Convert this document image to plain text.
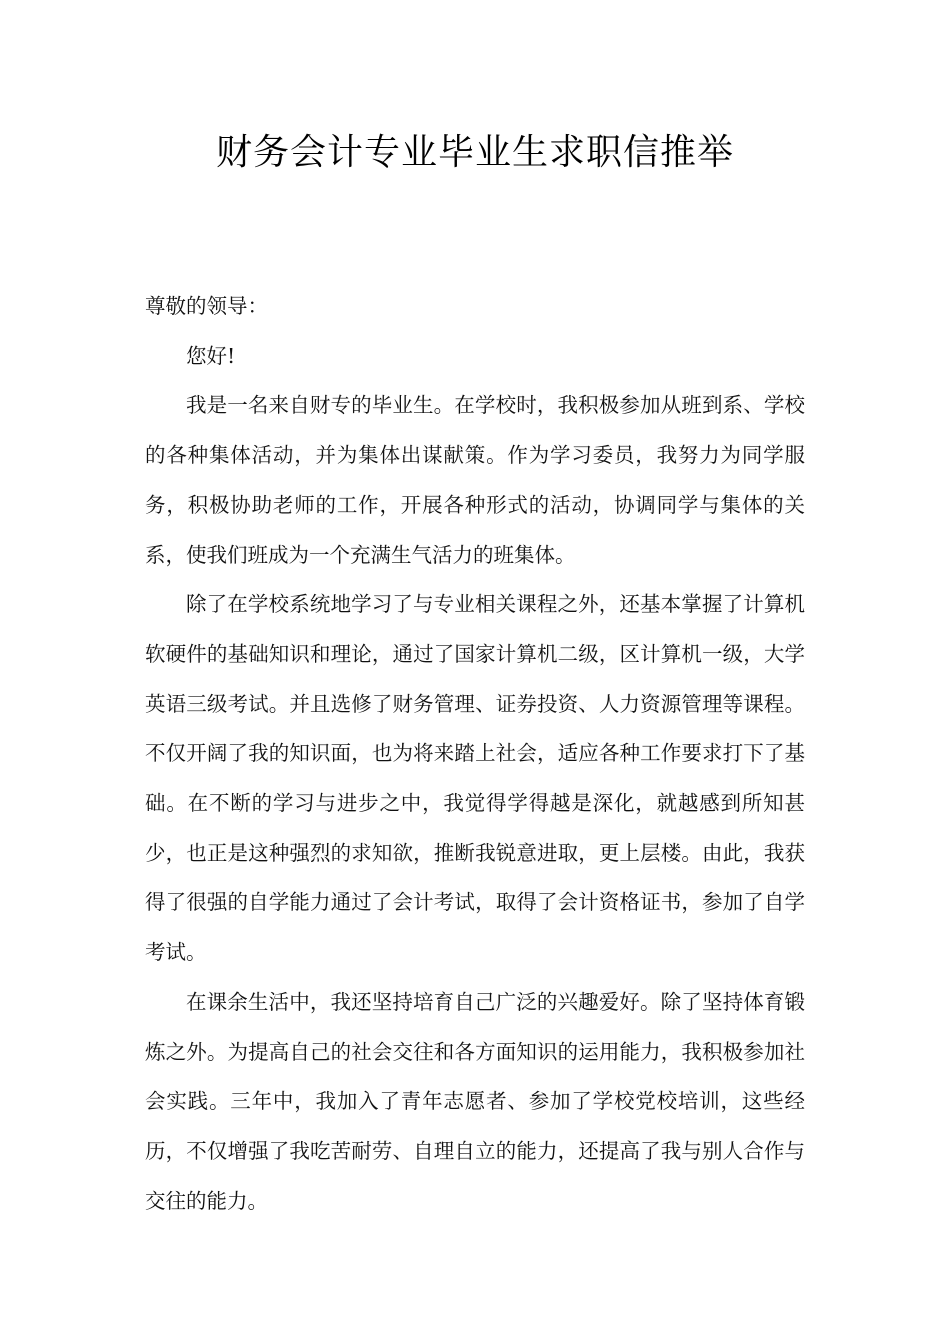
财务会计专业毕业生求职信推举

尊敬的领导：

您好!

我是一名来自财专的毕业生。在学校时，我积极参加从班到系、学校的各种集体活动，并为集体出谋献策。作为学习委员，我努力为同学服务，积极协助老师的工作，开展各种形式的活动，协调同学与集体的关系，使我们班成为一个充满生气活力的班集体。

除了在学校系统地学习了与专业相关课程之外，还基本掌握了计算机软硬件的基础知识和理论，通过了国家计算机二级，区计算机一级，大学英语三级考试。并且选修了财务管理、证券投资、人力资源管理等课程。不仅开阔了我的知识面，也为将来踏上社会，适应各种工作要求打下了基础。在不断的学习与进步之中，我觉得学得越是深化，就越感到所知甚少，也正是这种强烈的求知欲，推断我锐意进取，更上层楼。由此，我获得了很强的自学能力通过了会计考试，取得了会计资格证书，参加了自学考试。

在课余生活中，我还坚持培育自己广泛的兴趣爱好。除了坚持体育锻炼之外。为提高自己的社会交往和各方面知识的运用能力，我积极参加社会实践。三年中，我加入了青年志愿者、参加了学校党校培训，这些经历，不仅增强了我吃苦耐劳、自理自立的能力，还提高了我与别人合作与交往的能力。
